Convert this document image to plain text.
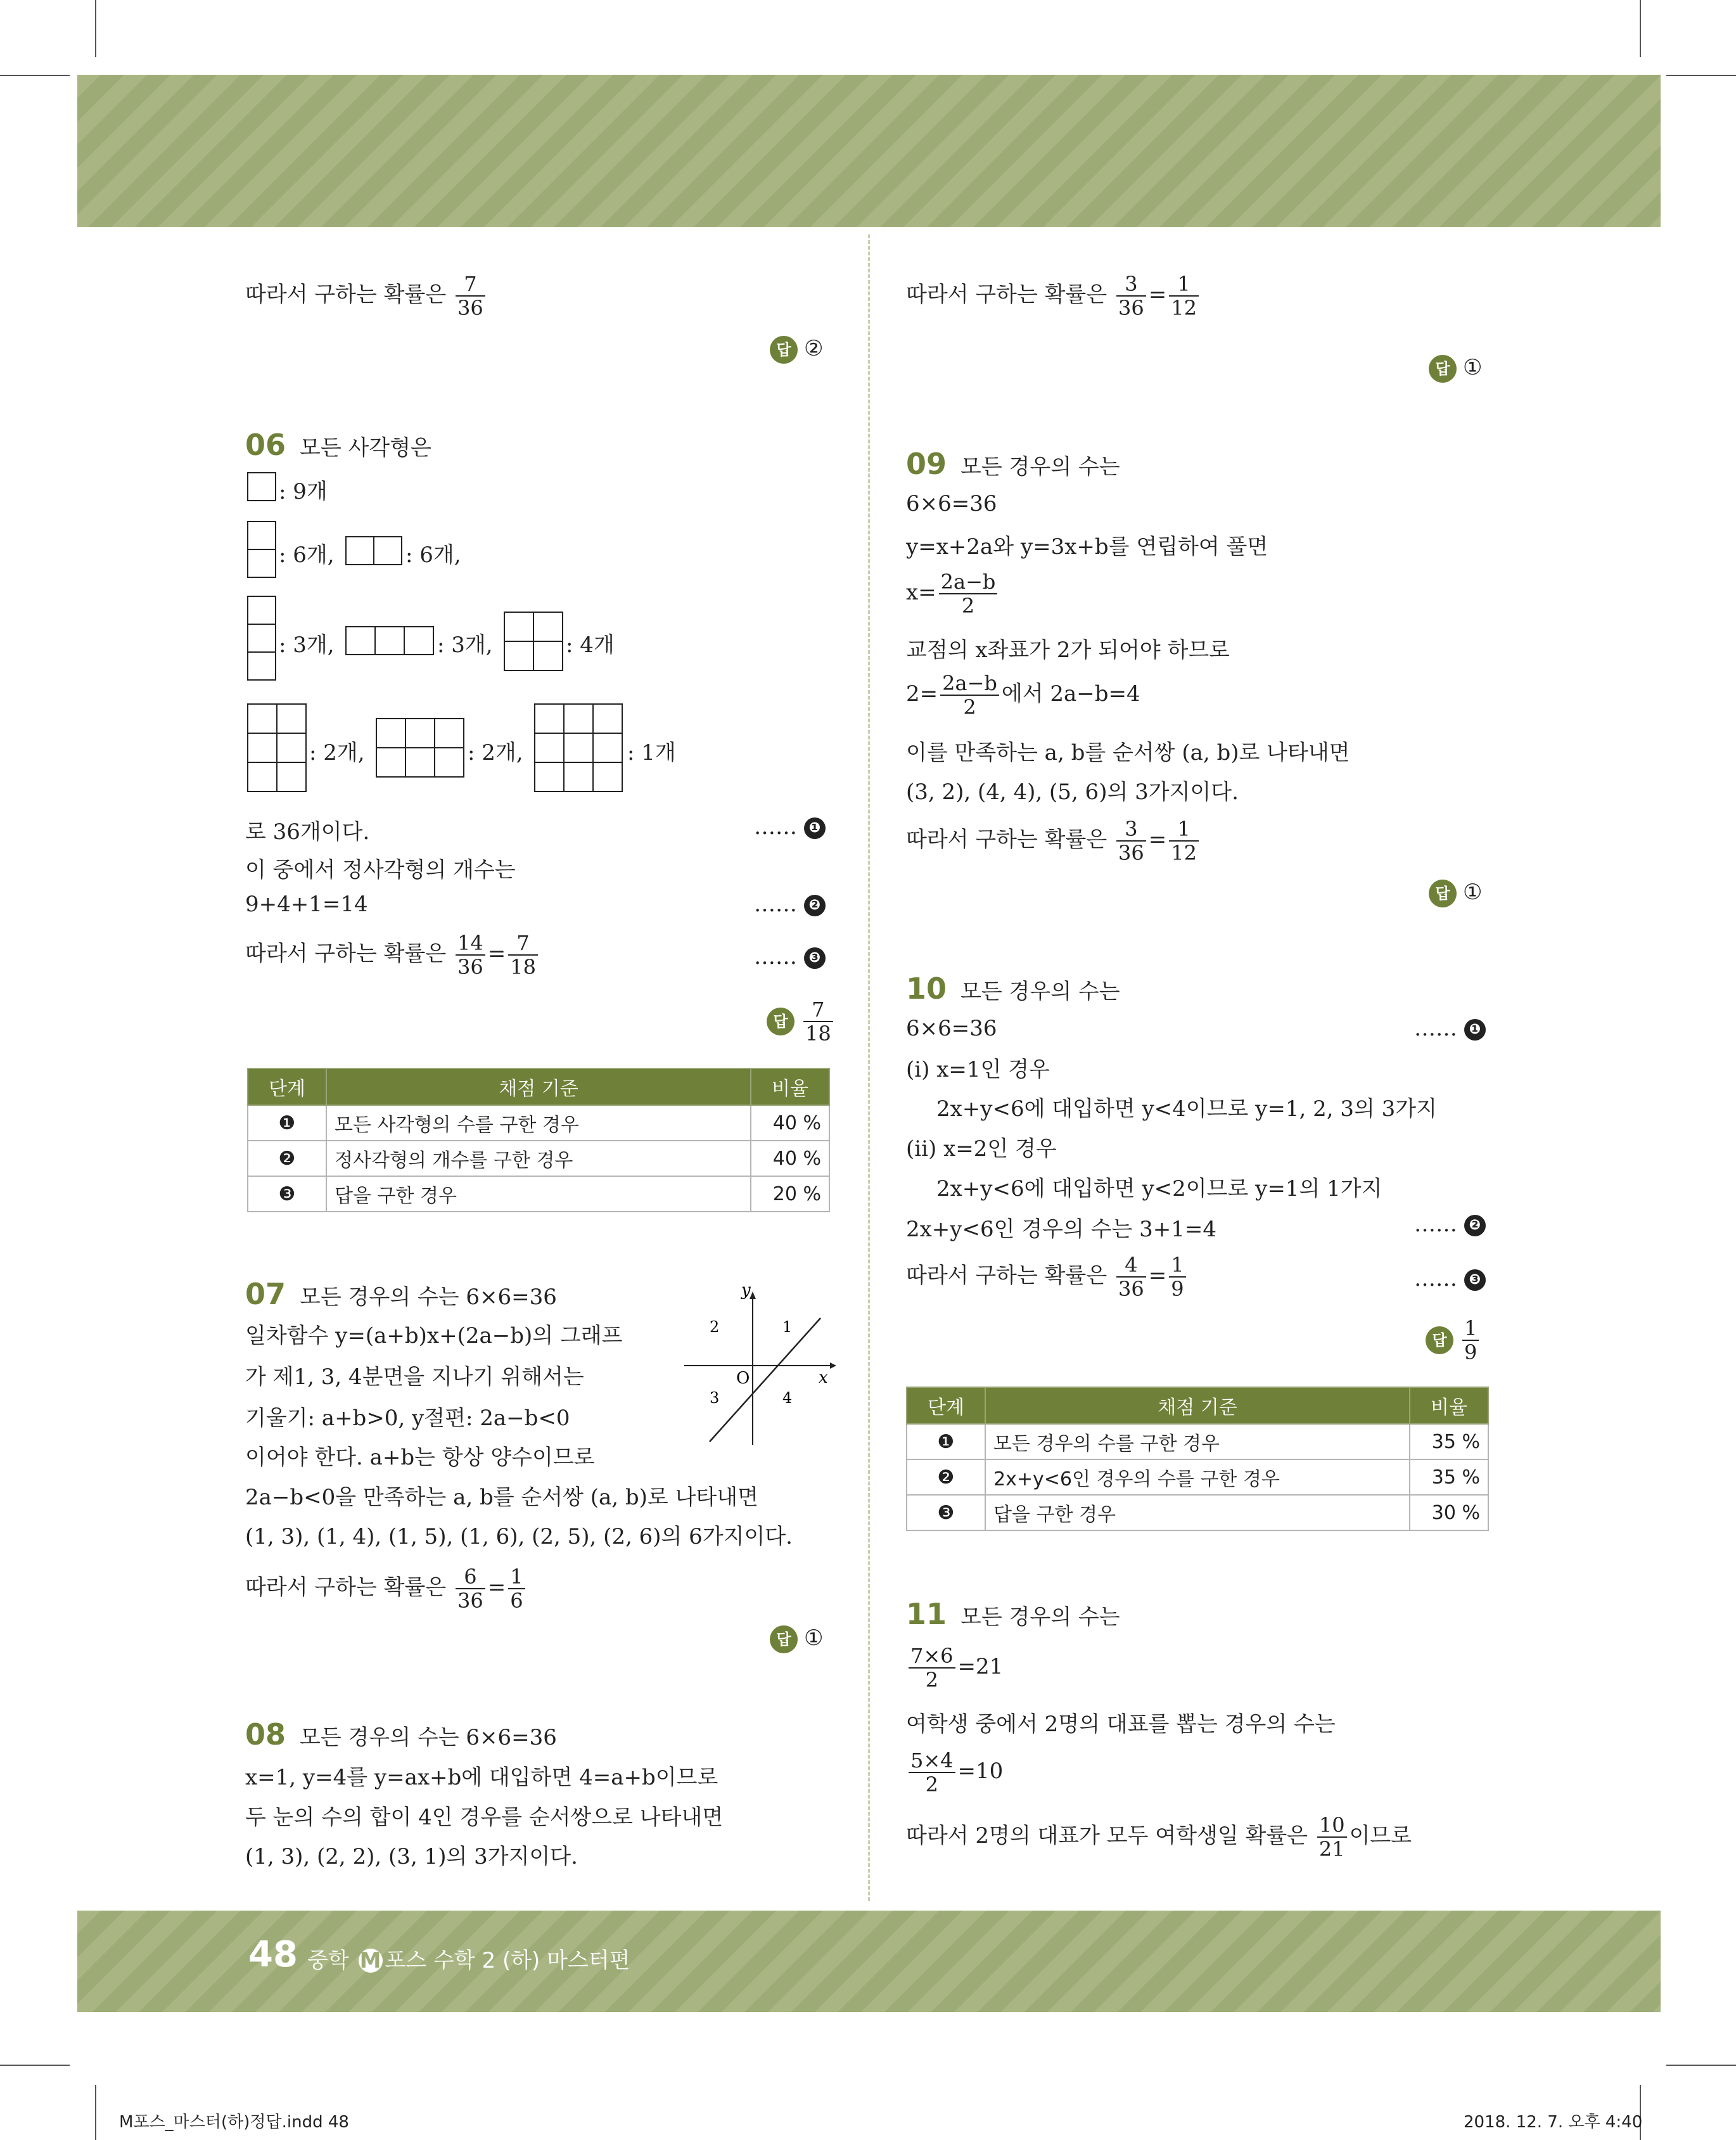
따라서 구하는 확률은 $\frac{7}{36}$
답 ②
06 모든 사각형은
: 9개
: 6개,	: 6개,
: 3개,	: 3개,	: 4개
: 2개,	: 2개,	: 1개
로 36개이다.	…… ❶
이 중에서 정사각형의 개수는
9+4+1=14	…… ❷
따라서 구하는 확률은 $\frac{14}{36} = \frac{7}{18}$	…… ❸
답 $\frac{7}{18}$
단계	채점 기준	비율
❶	모든 사각형의 수를 구한 경우	40 %
❷	정사각형의 개수를 구한 경우	40 %
❸	답을 구한 경우	20 %
07 모든 경우의 수는 6×6=36
일차함수 y=(a+b)x+(2a−b)의 그래프
가 제1, 3, 4분면을 지나기 위해서는
기울기: a+b>0, y절편: 2a−b<0
이어야 한다. a+b는 항상 양수이므로
2a−b<0을 만족하는 a, b를 순서쌍 (a, b)로 나타내면
(1, 3), (1, 4), (1, 5), (1, 6), (2, 5), (2, 6)의 6가지이다.
따라서 구하는 확률은 $\frac{6}{36} = \frac{1}{6}$
답 ①
y
x
O
1
2
3	4
08 모든 경우의 수는 6×6=36
x=1, y=4를 y=ax+b에 대입하면 4=a+b이므로
두 눈의 수의 합이 4인 경우를 순서쌍으로 나타내면
(1, 3), (2, 2), (3, 1)의 3가지이다.
따라서 구하는 확률은 $\frac{3}{36} = \frac{1}{12}$
답 ①
09 모든 경우의 수는
6×6=36
y=x+2a와 y=3x+b를 연립하여 풀면
$x= \frac{2a-b}{2}$
교점의 x좌표가 2가 되어야 하므로
$2= \frac{2a-b}{2}$ 에서 2a−b=4
이를 만족하는 a, b를 순서쌍 (a, b)로 나타내면
(3, 2), (4, 4), (5, 6)의 3가지이다.
따라서 구하는 확률은 $\frac{3}{36} = \frac{1}{12}$
답 ①
10 모든 경우의 수는
6×6=36	…… ❶
(i) x=1인 경우
2x+y<6에 대입하면 y<4이므로 y=1, 2, 3의 3가지
(ii) x=2인 경우
2x+y<6에 대입하면 y<2이므로 y=1의 1가지
2x+y<6인 경우의 수는 3+1=4	…… ❷
따라서 구하는 확률은 $\frac{4}{36} = \frac{1}{9}$	…… ❸
답 $\frac{1}{9}$
단계	채점 기준	비율
❶	모든 경우의 수를 구한 경우	35 %
❷	2x+y<6인 경우의 수를 구한 경우	35 %
❸	답을 구한 경우	30 %
11 모든 경우의 수는
$\frac{7\times 6}{2} =21$
여학생 중에서 2명의 대표를 뽑는 경우의 수는
$\frac{5\times 4}{2} =10$
따라서 2명의 대표가 모두 여학생일 확률은 $\frac{10}{21}$ 이므로
48 중학 M 포스 수학 2 (하) 마스터편
M포스_마스터(하)정답.indd 48	2018. 12. 7. 오후 4:40
